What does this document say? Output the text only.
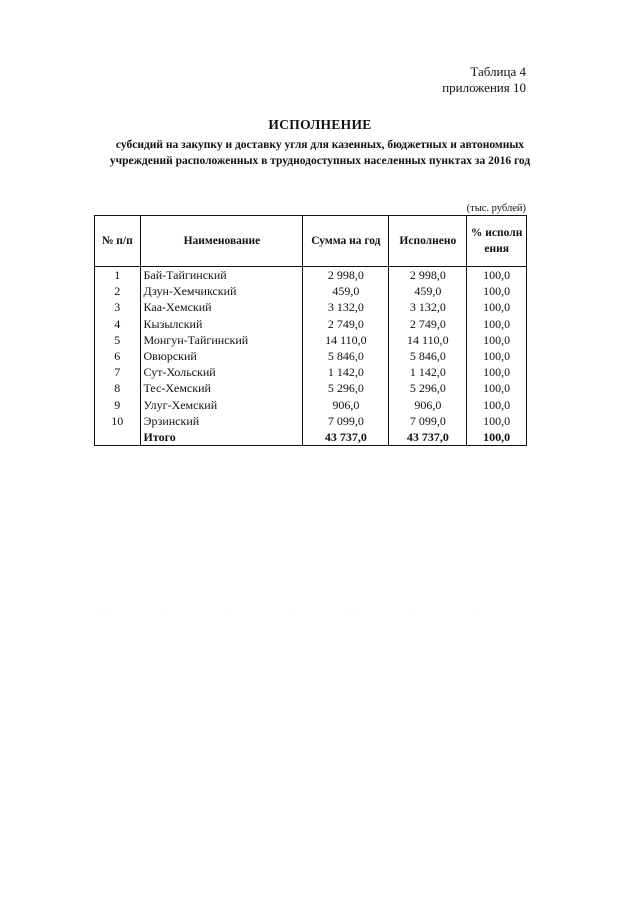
Таблица 4
приложения 10
ИСПОЛНЕНИЕ
субсидий на закупку и доставку угля для казенных, бюджетных и автономных учреждений расположенных в труднодоступных населенных пунктах за 2016 год
(тыс. рублей)
№ п/п	Наименование	Сумма на год	Исполнено	% исполнения
1	Бай-Тайгинский	2 998,0	2 998,0	100,0
2	Дзун-Хемчикский	459,0	459,0	100,0
3	Каа-Хемский	3 132,0	3 132,0	100,0
4	Кызылский	2 749,0	2 749,0	100,0
5	Монгун-Тайгинский	14 110,0	14 110,0	100,0
6	Овюрский	5 846,0	5 846,0	100,0
7	Сут-Хольский	1 142,0	1 142,0	100,0
8	Тес-Хемский	5 296,0	5 296,0	100,0
9	Улуг-Хемский	906,0	906,0	100,0
10	Эрзинский	7 099,0	7 099,0	100,0
	Итого	43 737,0	43 737,0	100,0
·······
